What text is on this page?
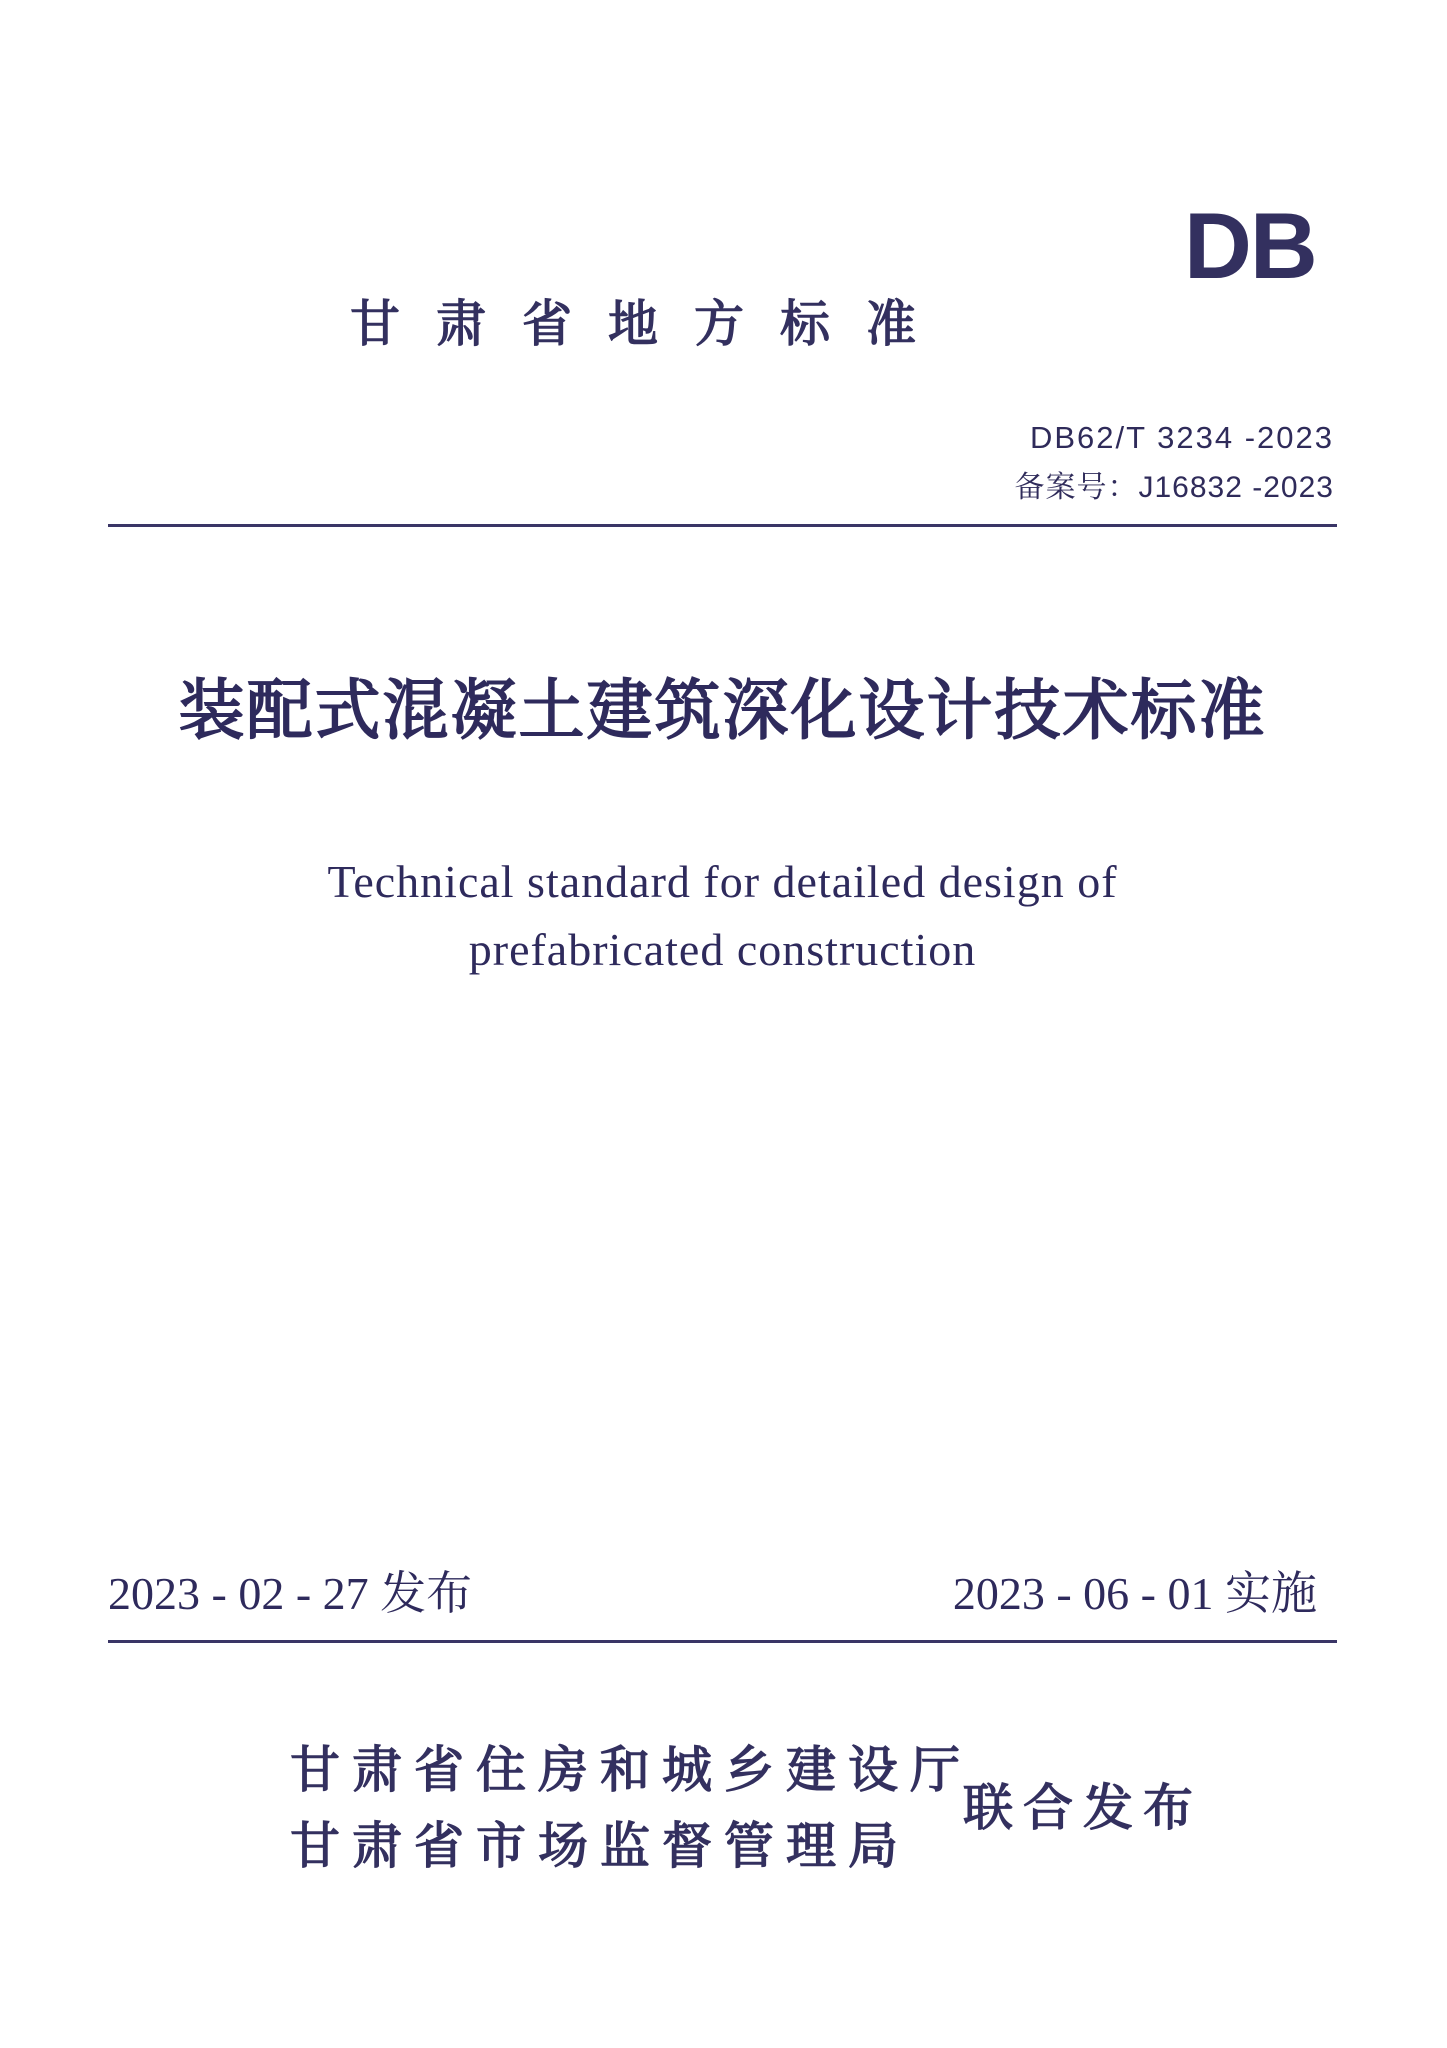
DB
甘肃省地方标准
DB62/T 3234 -2023
备案号：J16832 -2023
装配式混凝土建筑深化设计技术标准
Technical standard for detailed design of
prefabricated construction
2023 - 02 - 27 发布	2023 - 06 - 01 实施
甘肃省住房和城乡建设厅
甘肃省市场监督管理局
联合发布
